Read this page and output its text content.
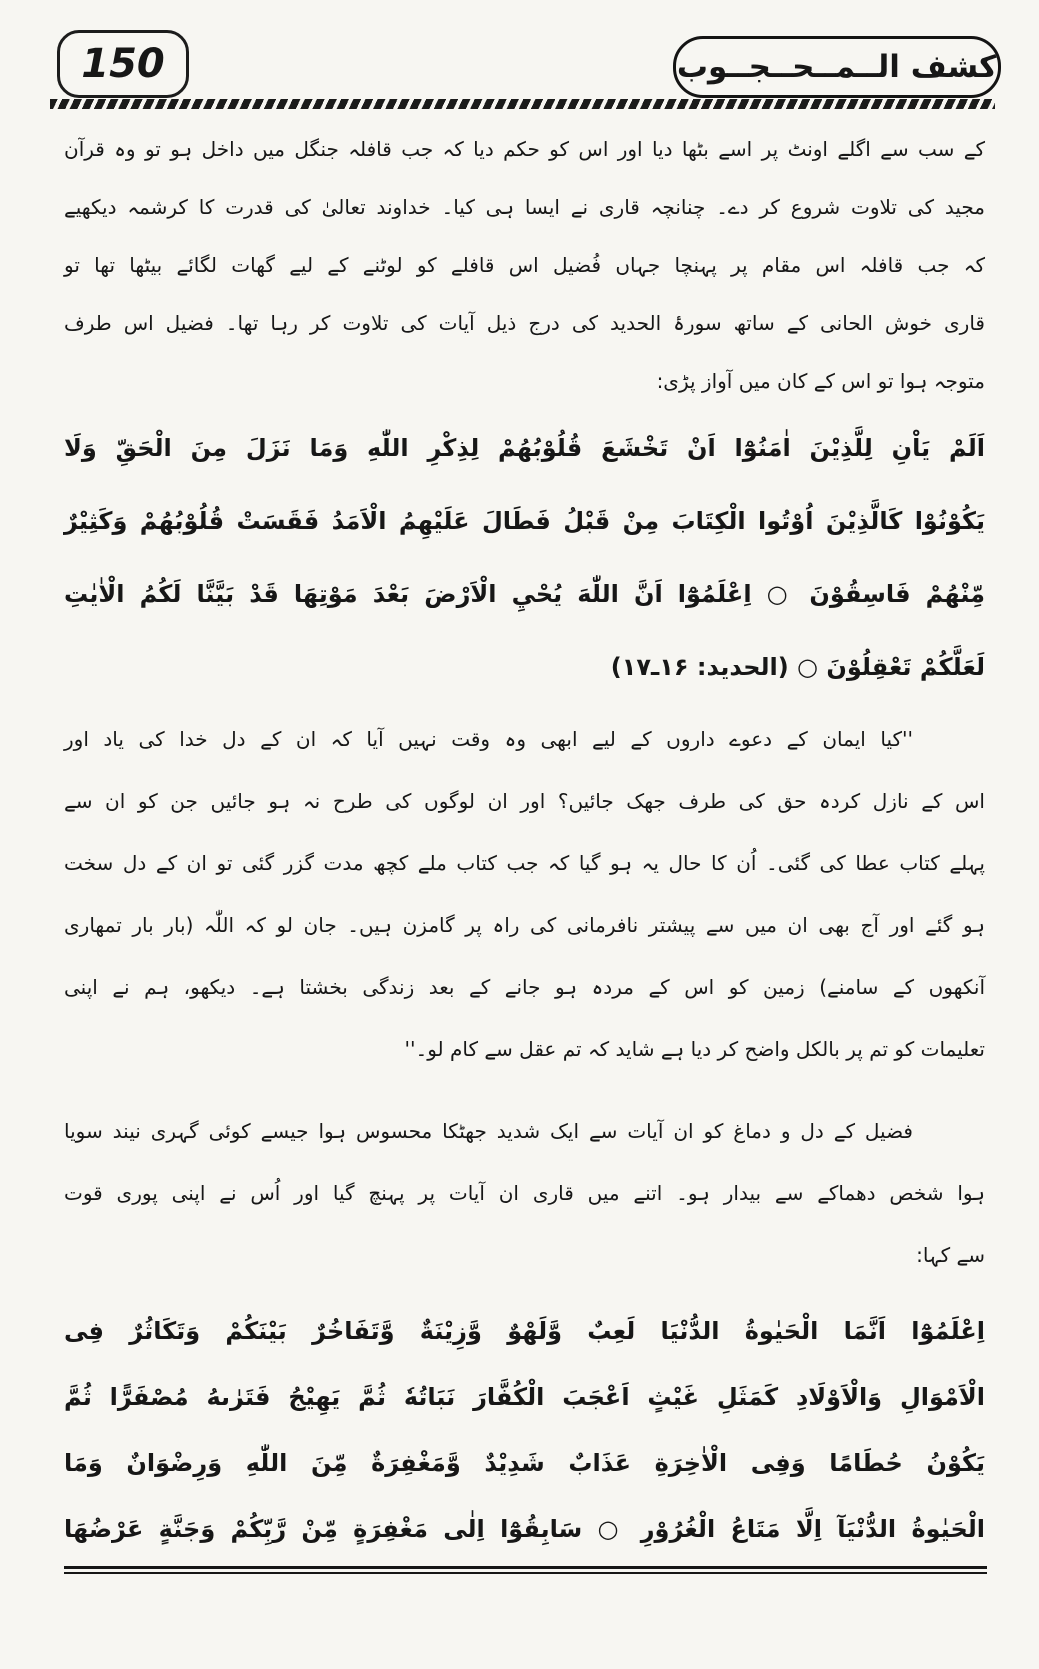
150	کشف الــمــحــجــوب
کے سب سے اگلے اونٹ پر اسے بٹھا دیا اور اس کو حکم دیا کہ جب قافلہ جنگل میں داخل ہو تو وہ قرآن
مجید کی تلاوت شروع کر دے۔ چنانچہ قاری نے ایسا ہی کیا۔ خداوند تعالیٰ کی قدرت کا کرشمہ دیکھیے
کہ جب قافلہ اس مقام پر پہنچا جہاں فُضیل اس قافلے کو لوٹنے کے لیے گھات لگائے بیٹھا تھا تو
قاری خوش الحانی کے ساتھ سورۂ الحدید کی درج ذیل آیات کی تلاوت کر رہا تھا۔ فضیل اس طرف
متوجہ ہوا تو اس کے کان میں آواز پڑی:
اَلَمْ يَاْنِ لِلَّذِيْنَ اٰمَنُوْٓا اَنْ تَخْشَعَ قُلُوْبُهُمْ لِذِكْرِ اللّٰهِ وَمَا نَزَلَ مِنَ الْحَقِّ وَلَا
يَكُوْنُوْا كَالَّذِيْنَ اُوْتُوا الْكِتَابَ مِنْ قَبْلُ فَطَالَ عَلَيْهِمُ الْاَمَدُ فَقَسَتْ قُلُوْبُهُمْ وَكَثِيْرٌ
مِّنْهُمْ فَاسِقُوْنَ ○ اِعْلَمُوْٓا اَنَّ اللّٰهَ يُحْيِ الْاَرْضَ بَعْدَ مَوْتِهَا قَدْ بَيَّنَّا لَكُمُ الْاٰيٰتِ
لَعَلَّكُمْ تَعْقِلُوْنَ ○ (الحدید: ۱۶ـ۱۷)
''کیا ایمان کے دعوے داروں کے لیے ابھی وہ وقت نہیں آیا کہ ان کے دل خدا کی یاد اور
اس کے نازل کردہ حق کی طرف جھک جائیں؟ اور ان لوگوں کی طرح نہ ہو جائیں جن کو ان سے
پہلے کتاب عطا کی گئی۔ اُن کا حال یہ ہو گیا کہ جب کتاب ملے کچھ مدت گزر گئی تو ان کے دل سخت
ہو گئے اور آج بھی ان میں سے پیشتر نافرمانی کی راہ پر گامزن ہیں۔ جان لو کہ اللّٰہ (بار بار تمھاری
آنکھوں کے سامنے) زمین کو اس کے مردہ ہو جانے کے بعد زندگی بخشتا ہے۔ دیکھو، ہم نے اپنی
تعلیمات کو تم پر بالکل واضح کر دیا ہے شاید کہ تم عقل سے کام لو۔''
فضیل کے دل و دماغ کو ان آیات سے ایک شدید جھٹکا محسوس ہوا جیسے کوئی گہری نیند سویا
ہوا شخص دھماکے سے بیدار ہو۔ اتنے میں قاری ان آیات پر پہنچ گیا اور اُس نے اپنی پوری قوت
سے کہا:
اِعْلَمُوْٓا اَنَّمَا الْحَيٰوةُ الدُّنْيَا لَعِبٌ وَّلَهْوٌ وَّزِيْنَةٌ وَّتَفَاخُرٌ بَيْنَكُمْ وَتَكَاثُرٌ فِى
الْاَمْوَالِ وَالْاَوْلَادِ كَمَثَلِ غَيْثٍ اَعْجَبَ الْكُفَّارَ نَبَاتُهٗ ثُمَّ يَهِيْجُ فَتَرٰىهُ مُصْفَرًّا ثُمَّ
يَكُوْنُ حُطَامًا وَفِى الْاٰخِرَةِ عَذَابٌ شَدِيْدٌ وَّمَغْفِرَةٌ مِّنَ اللّٰهِ وَرِضْوَانٌ وَمَا
الْحَيٰوةُ الدُّنْيَآ اِلَّا مَتَاعُ الْغُرُوْرِ ○ سَابِقُوْٓا اِلٰى مَغْفِرَةٍ مِّنْ رَّبِّكُمْ وَجَنَّةٍ عَرْضُهَا
